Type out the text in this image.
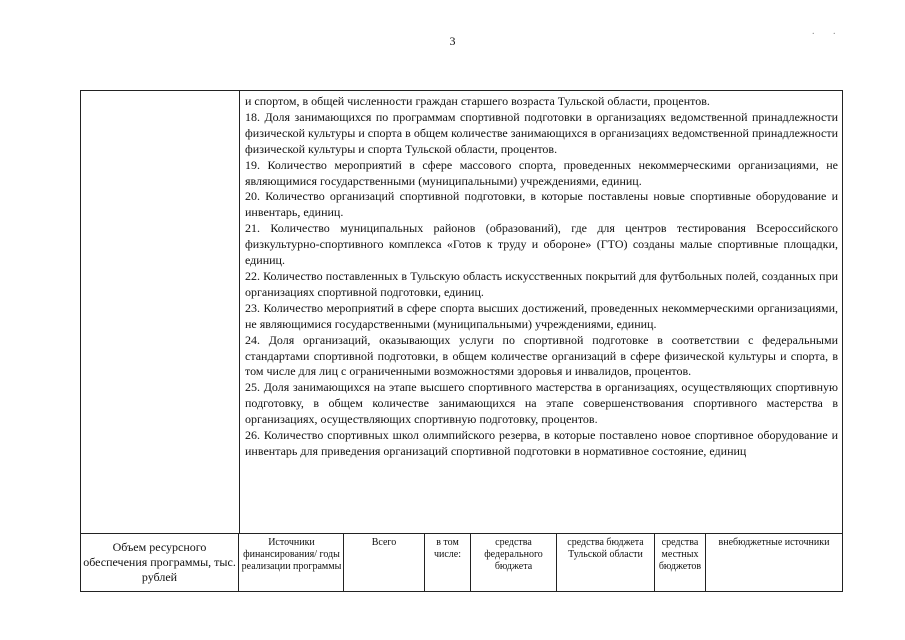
3
. .

и спортом, в общей численности граждан старшего возраста Тульской области, процентов.

18. Доля занимающихся по программам спортивной подготовки в организациях ведомственной принадлежности физической культуры и спорта в общем количестве занимающихся в организациях ведомственной принадлежности физической культуры и спорта Тульской области, процентов.

19. Количество мероприятий в сфере массового спорта, проведенных некоммерческими организациями, не являющимися государственными (муниципальными) учреждениями, единиц.

20. Количество организаций спортивной подготовки, в которые поставлены новые спортивные оборудование и инвентарь, единиц.

21. Количество муниципальных районов (образований), где для центров тестирования Всероссийского физкультурно-спортивного комплекса «Готов к труду и обороне» (ГТО) созданы малые спортивные площадки, единиц.

22. Количество поставленных в Тульскую область искусственных покрытий для футбольных полей, созданных при организациях спортивной подготовки, единиц.

23. Количество мероприятий в сфере спорта высших достижений, проведенных некоммерческими организациями, не являющимися государственными (муниципальными) учреждениями, единиц.

24. Доля организаций, оказывающих услуги по спортивной подготовке в соответствии с федеральными стандартами спортивной подготовки, в общем количестве организаций в сфере физической культуры и спорта, в том числе для лиц с ограниченными возможностями здоровья и инвалидов, процентов.

25. Доля занимающихся на этапе высшего спортивного мастерства в организациях, осуществляющих спортивную подготовку, в общем количестве занимающихся на этапе совершенствования спортивного мастерства в организациях, осуществляющих спортивную подготовку, процентов.

26. Количество спортивных школ олимпийского резерва, в которые поставлено новое спортивное оборудование и инвентарь для приведения организаций спортивной подготовки в нормативное состояние, единиц

Объем ресурсного обеспечения программы, тыс. рублей
Источники финансирования/ годы реализации программы
Всего	в том числе:
средства федерального бюджета
средства бюджета Тульской области
средства местных бюджетов
внебюджетные источники
